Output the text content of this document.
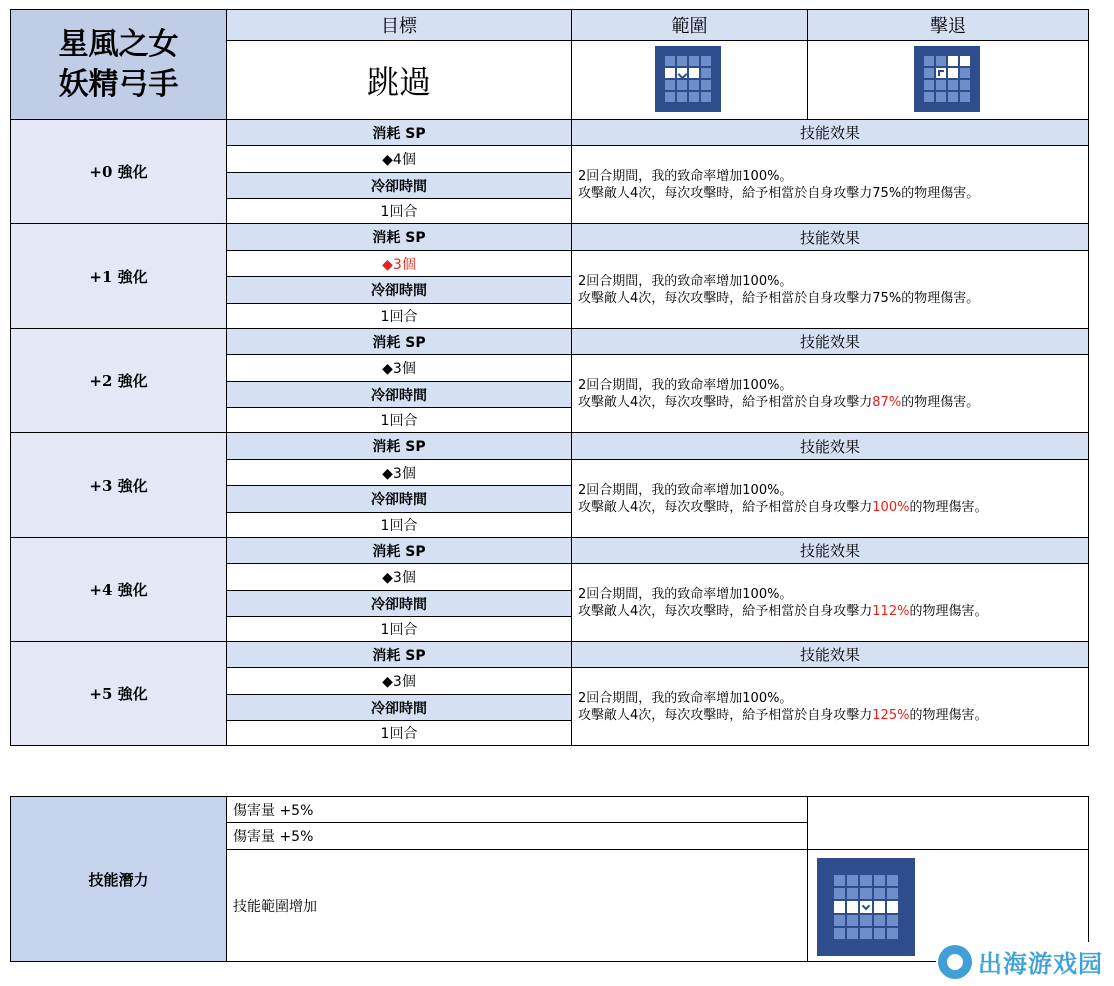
星風之女
妖精弓手
目標	範圍	擊退
跳過
+0 強化
消耗 SP
◆4個
冷卻時間
1回合
技能效果
2回合期間，我的致命率增加100%。
攻擊敵人4次，每次攻擊時，給予相當於自身攻擊力75%的物理傷害。
+1 強化
消耗 SP
◆3個
冷卻時間
1回合
技能效果
2回合期間，我的致命率增加100%。
攻擊敵人4次，每次攻擊時，給予相當於自身攻擊力75%的物理傷害。
+2 強化
消耗 SP
◆3個
冷卻時間
1回合
技能效果
2回合期間，我的致命率增加100%。
攻擊敵人4次，每次攻擊時，給予相當於自身攻擊力87%的物理傷害。
+3 強化
消耗 SP
◆3個
冷卻時間
1回合
技能效果
2回合期間，我的致命率增加100%。
攻擊敵人4次，每次攻擊時，給予相當於自身攻擊力100%的物理傷害。
+4 強化
消耗 SP
◆3個
冷卻時間
1回合
技能效果
2回合期間，我的致命率增加100%。
攻擊敵人4次，每次攻擊時，給予相當於自身攻擊力112%的物理傷害。
+5 強化
消耗 SP
◆3個
冷卻時間
1回合
技能效果
2回合期間，我的致命率增加100%。
攻擊敵人4次，每次攻擊時，給予相當於自身攻擊力125%的物理傷害。
技能潛力
傷害量 +5%
傷害量 +5%
技能範圍增加
出海游戏园
